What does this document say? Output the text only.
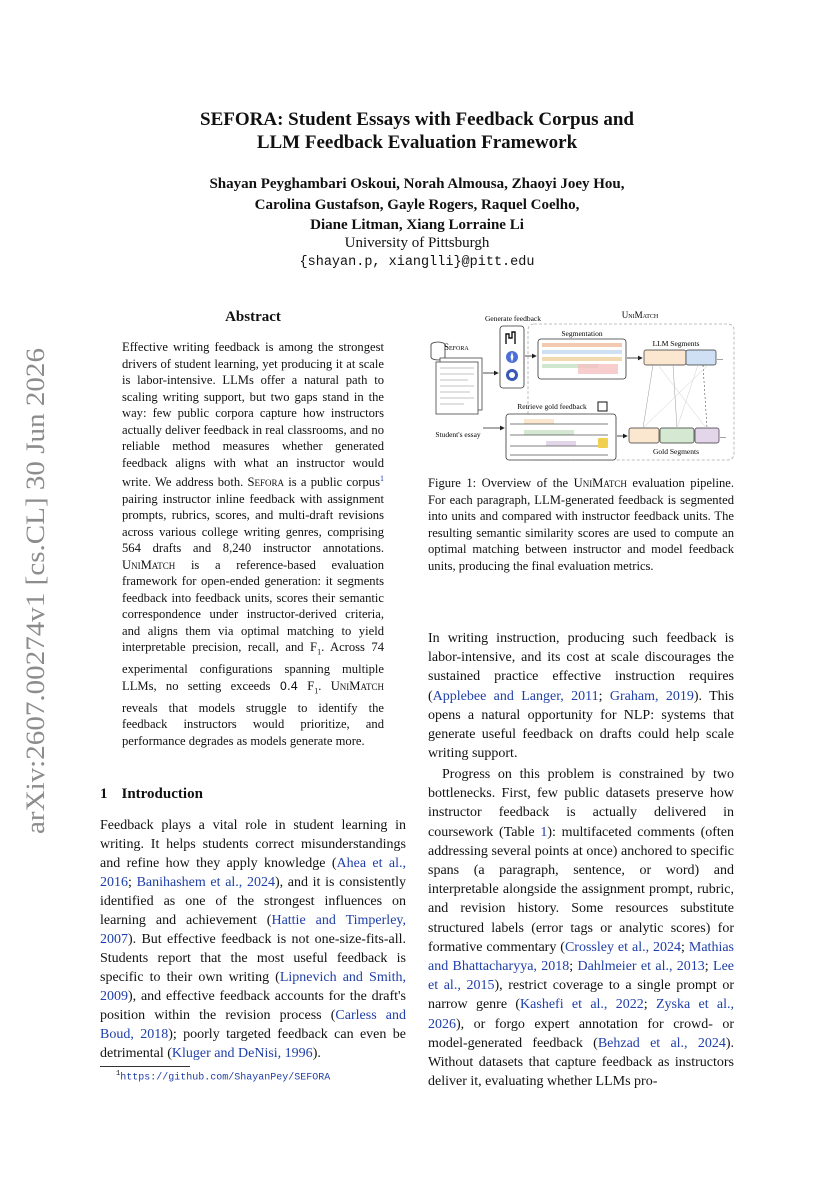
arXiv:2607.00274v1 [cs.CL] 30 Jun 2026
SEFORA: Student Essays with Feedback Corpus and
LLM Feedback Evaluation Framework
Shayan Peyghambari Oskoui, Norah Almousa, Zhaoyi Joey Hou,
Carolina Gustafson, Gayle Rogers, Raquel Coelho,
Diane Litman, Xiang Lorraine Li
University of Pittsburgh
{shayan.p, xianglli}@pitt.edu
Abstract
Effective writing feedback is among the strongest drivers of student learning, yet producing it at scale is labor-intensive. LLMs offer a natural path to scaling writing support, but two gaps stand in the way: few public corpora capture how instructors actually deliver feedback in real classrooms, and no reliable method measures whether generated feedback aligns with what an instructor would write. We address both. Sefora is a public corpus$^1$ pairing instructor inline feedback with assignment prompts, rubrics, scores, and multi-draft revisions across various college writing genres, comprising 564 drafts and 8,240 instructor annotations. UniMatch is a reference-based evaluation framework for open-ended generation: it segments feedback into feedback units, scores their semantic correspondence under instructor-derived criteria, and aligns them via optimal matching to yield interpretable precision, recall, and $F_1$. Across 74 experimental configurations spanning multiple LLMs, no setting exceeds 0.4 $F_1$. UniMatch reveals that models struggle to identify the feedback instructors would prioritize, and performance degrades as models generate more.
1 Introduction
Feedback plays a vital role in student learning in writing. It helps students correct misunderstandings and refine how they apply knowledge (Ahea et al., 2016; Banihashem et al., 2024), and it is consistently identified as one of the strongest influences on learning and achievement (Hattie and Timperley, 2007). But effective feedback is not one-size-fits-all. Students report that the most useful feedback is specific to their own writing (Lipnevich and Smith, 2009), and effective feedback accounts for the draft's position within the revision process (Carless and Boud, 2018); poorly targeted feedback can even be detrimental (Kluger and DeNisi, 1996).
$^1$https://github.com/ShayanPey/SEFORA
Sefora
Student's essay
Generate feedback	UniMatch
Segmentation
LLM Segments
...
...
Gold Segments
Retrieve gold feedback
Figure 1: Overview of the UniMatch evaluation pipeline. For each paragraph, LLM-generated feedback is segmented into units and compared with instructor feedback units. The resulting semantic similarity scores are used to compute an optimal matching between instructor and model feedback units, producing the final evaluation metrics.

In writing instruction, producing such feedback is labor-intensive, and its cost at scale discourages the sustained practice effective instruction requires (Applebee and Langer, 2011; Graham, 2019). This opens a natural opportunity for NLP: systems that generate useful feedback on drafts could help scale writing support.

Progress on this problem is constrained by two bottlenecks. First, few public datasets preserve how instructor feedback is actually delivered in coursework (Table 1): multifaceted comments (often addressing several points at once) anchored to specific spans (a paragraph, sentence, or word) and interpretable alongside the assignment prompt, rubric, and revision history. Some resources substitute structured labels (error tags or analytic scores) for formative commentary (Crossley et al., 2024; Mathias and Bhattacharyya, 2018; Dahlmeier et al., 2013; Lee et al., 2015), restrict coverage to a single prompt or narrow genre (Kashefi et al., 2022; Zyska et al., 2026), or forgo expert annotation for crowd- or model-generated feedback (Behzad et al., 2024). Without datasets that capture feedback as instructors deliver it, evaluating whether LLMs pro-
